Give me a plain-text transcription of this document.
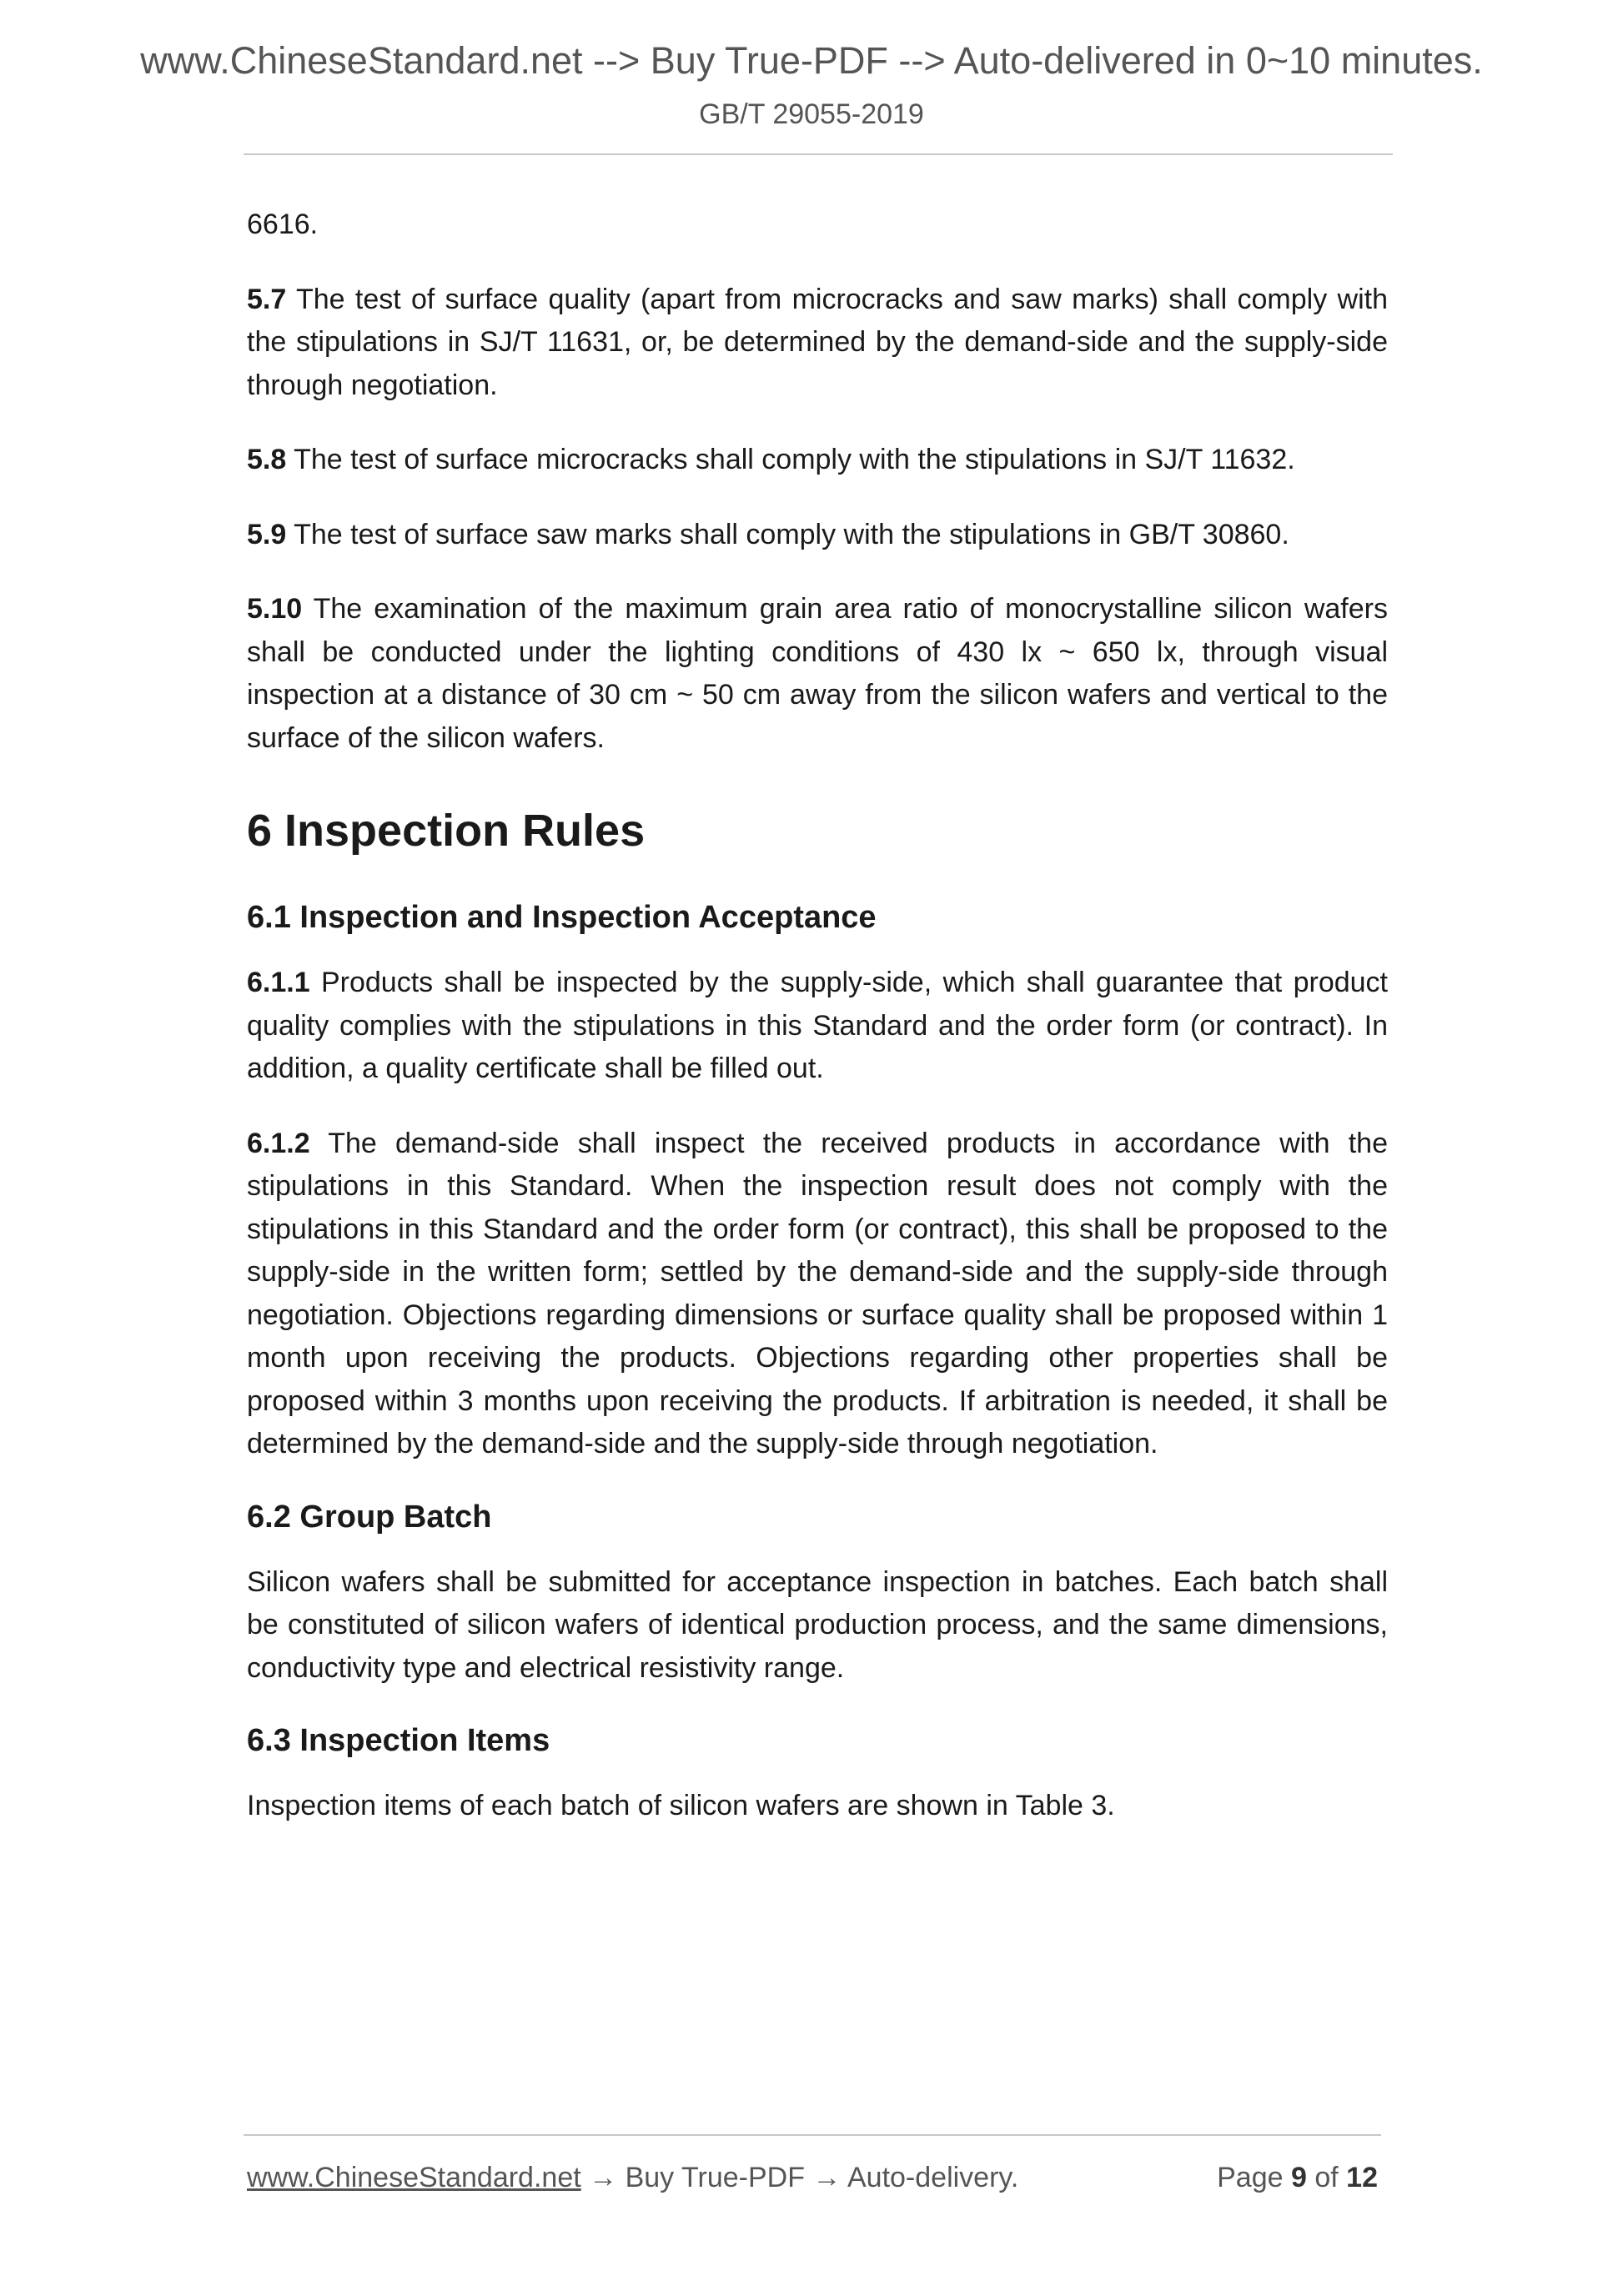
www.ChineseStandard.net --> Buy True-PDF --> Auto-delivered in 0~10 minutes.
GB/T 29055-2019

6616.

5.7 The test of surface quality (apart from microcracks and saw marks) shall comply with the stipulations in SJ/T 11631, or, be determined by the demand-side and the supply-side through negotiation.

5.8 The test of surface microcracks shall comply with the stipulations in SJ/T 11632.

5.9 The test of surface saw marks shall comply with the stipulations in GB/T 30860.

5.10 The examination of the maximum grain area ratio of monocrystalline silicon wafers shall be conducted under the lighting conditions of 430 lx ~ 650 lx, through visual inspection at a distance of 30 cm ~ 50 cm away from the silicon wafers and vertical to the surface of the silicon wafers.

6 Inspection Rules
6.1 Inspection and Inspection Acceptance

6.1.1 Products shall be inspected by the supply-side, which shall guarantee that product quality complies with the stipulations in this Standard and the order form (or contract). In addition, a quality certificate shall be filled out.

6.1.2 The demand-side shall inspect the received products in accordance with the stipulations in this Standard. When the inspection result does not comply with the stipulations in this Standard and the order form (or contract), this shall be proposed to the supply-side in the written form; settled by the demand-side and the supply-side through negotiation. Objections regarding dimensions or surface quality shall be proposed within 1 month upon receiving the products. Objections regarding other properties shall be proposed within 3 months upon receiving the products. If arbitration is needed, it shall be determined by the demand-side and the supply-side through negotiation.

6.2 Group Batch

Silicon wafers shall be submitted for acceptance inspection in batches. Each batch shall be constituted of silicon wafers of identical production process, and the same dimensions, conductivity type and electrical resistivity range.

6.3 Inspection Items

Inspection items of each batch of silicon wafers are shown in Table 3.

www.ChineseStandard.net → Buy True-PDF → Auto-delivery.	Page 9 of 12
